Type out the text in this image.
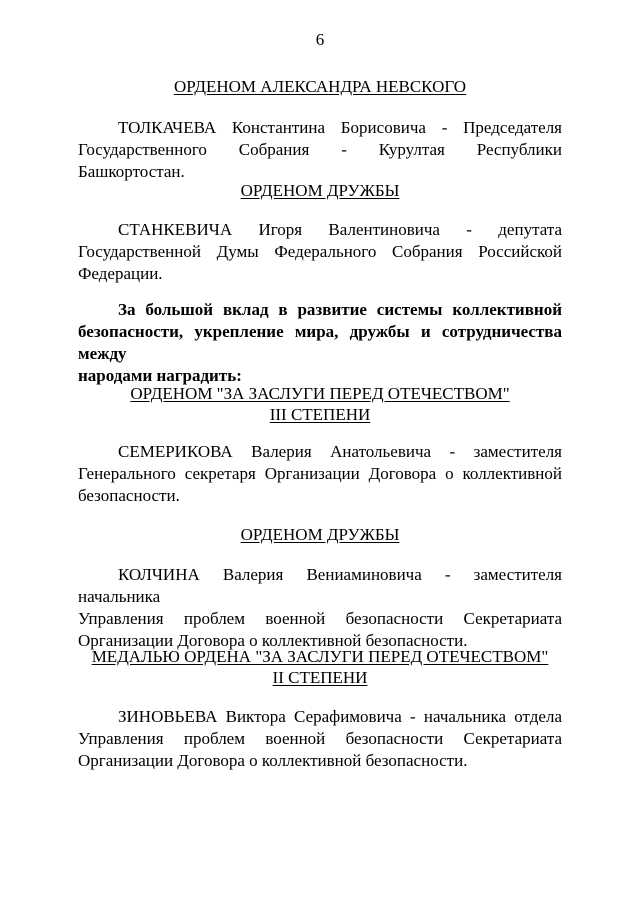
6
ОРДЕНОМ АЛЕКСАНДРА НЕВСКОГО
ТОЛКАЧЕВА Константина Борисовича - Председателя
Государственного Собрания - Курултая Республики Башкортостан.
ОРДЕНОМ ДРУЖБЫ
СТАНКЕВИЧА Игоря Валентиновича - депутата
Государственной Думы Федерального Собрания Российской
Федерации.
За большой вклад в развитие системы коллективной
безопасности, укрепление мира, дружбы и сотрудничества между
народами наградить:
ОРДЕНОМ "ЗА ЗАСЛУГИ ПЕРЕД ОТЕЧЕСТВОМ"
III СТЕПЕНИ
СЕМЕРИКОВА Валерия Анатольевича - заместителя
Генерального секретаря Организации Договора о коллективной
безопасности.
ОРДЕНОМ ДРУЖБЫ
КОЛЧИНА Валерия Вениаминовича - заместителя начальника
Управления проблем военной безопасности Секретариата
Организации Договора о коллективной безопасности.
МЕДАЛЬЮ ОРДЕНА "ЗА ЗАСЛУГИ ПЕРЕД ОТЕЧЕСТВОМ"
II СТЕПЕНИ
ЗИНОВЬЕВА Виктора Серафимовича - начальника отдела
Управления проблем военной безопасности Секретариата
Организации Договора о коллективной безопасности.
